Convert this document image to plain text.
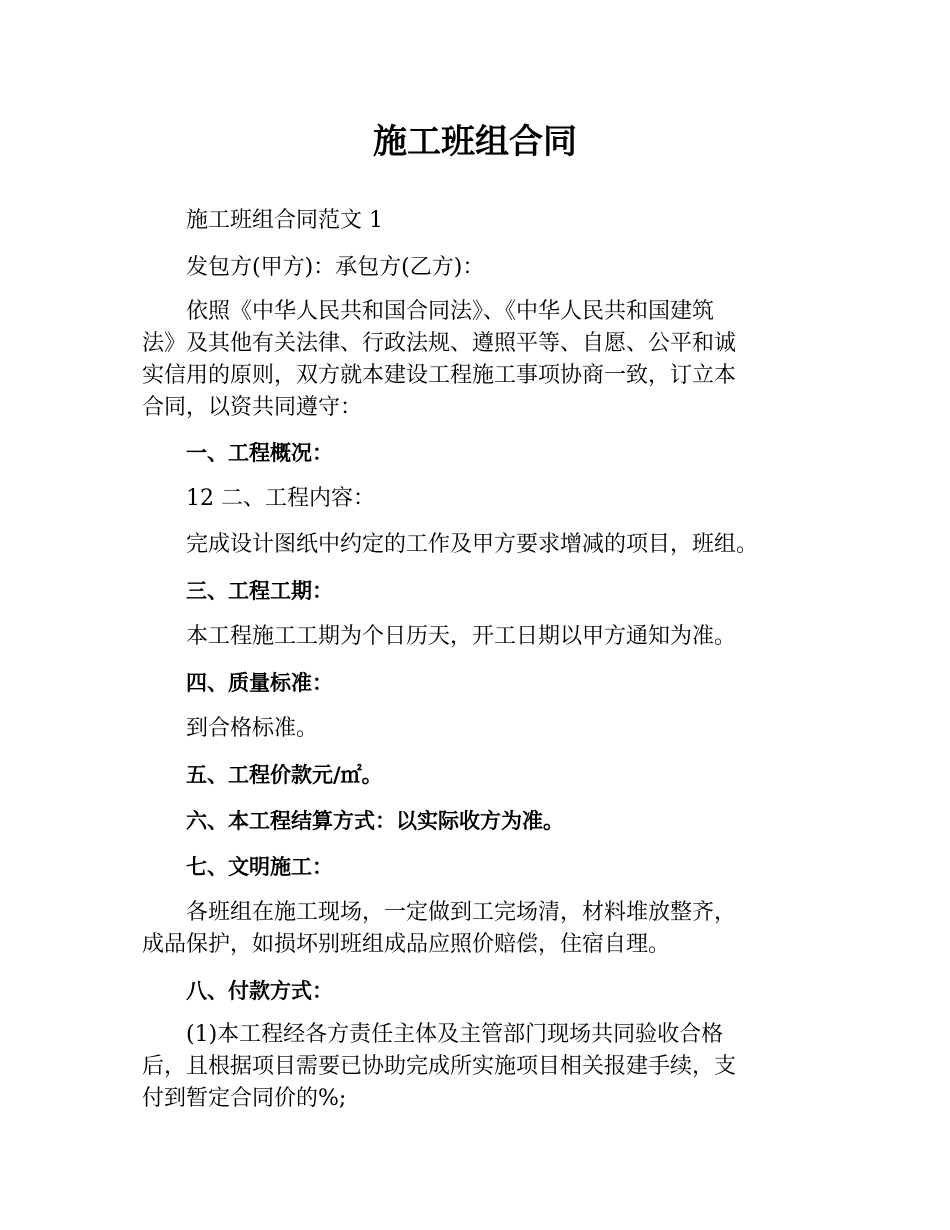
施工班组合同
施工班组合同范文 1
发包方(甲方)：承包方(乙方)：
依照《中华人民共和国合同法》、《中华人民共和国建筑
法》及其他有关法律、行政法规、遵照平等、自愿、公平和诚
实信用的原则，双方就本建设工程施工事项协商一致，订立本
合同，以资共同遵守：
一、工程概况：
12 二、工程内容：
完成设计图纸中约定的工作及甲方要求增减的项目，班组。
三、工程工期：
本工程施工工期为个日历天，开工日期以甲方通知为准。
四、质量标准：
到合格标准。
五、工程价款元/㎡。
六、本工程结算方式：以实际收方为准。
七、文明施工：
各班组在施工现场，一定做到工完场清，材料堆放整齐，
成品保护，如损坏别班组成品应照价赔偿，住宿自理。
八、付款方式：
(1)本工程经各方责任主体及主管部门现场共同验收合格
后，且根据项目需要已协助完成所实施项目相关报建手续，支
付到暂定合同价的%;
